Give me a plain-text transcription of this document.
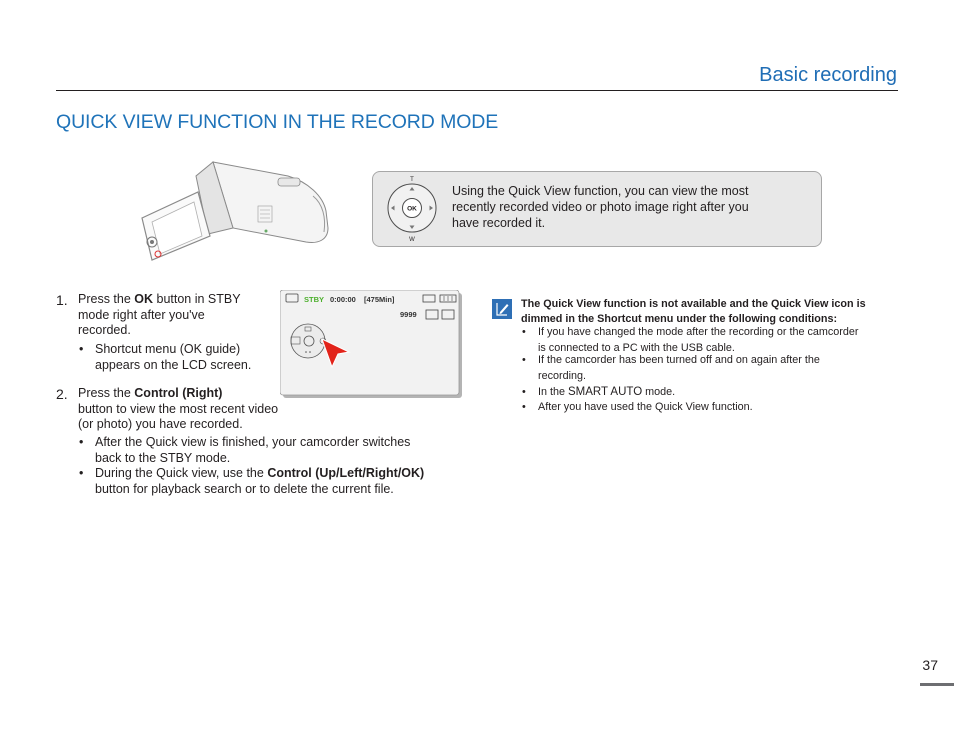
Basic recording
QUICK VIEW FUNCTION IN THE RECORD MODE
T
OK
W
Using the Quick View function, you can view the most
recently recorded video or photo image right after you
have recorded it.
1. Press the OK button in STBY
mode right after you've
recorded.
• Shortcut menu (OK guide)
appears on the LCD screen.
STBY 0:00:00 [475Min]
9999
2. Press the Control (Right)
button to view the most recent video
(or photo) you have recorded.
• After the Quick view is finished, your camcorder switches
back to the STBY mode.
• During the Quick view, use the Control (Up/Left/Right/OK)
button for playback search or to delete the current file.
The Quick View function is not available and the Quick View icon is
dimmed in the Shortcut menu under the following conditions:
• If you have changed the mode after the recording or the camcorder
is connected to a PC with the USB cable.
• If the camcorder has been turned off and on again after the
recording.
• In the SMART AUTO mode.
• After you have used the Quick View function.
37
